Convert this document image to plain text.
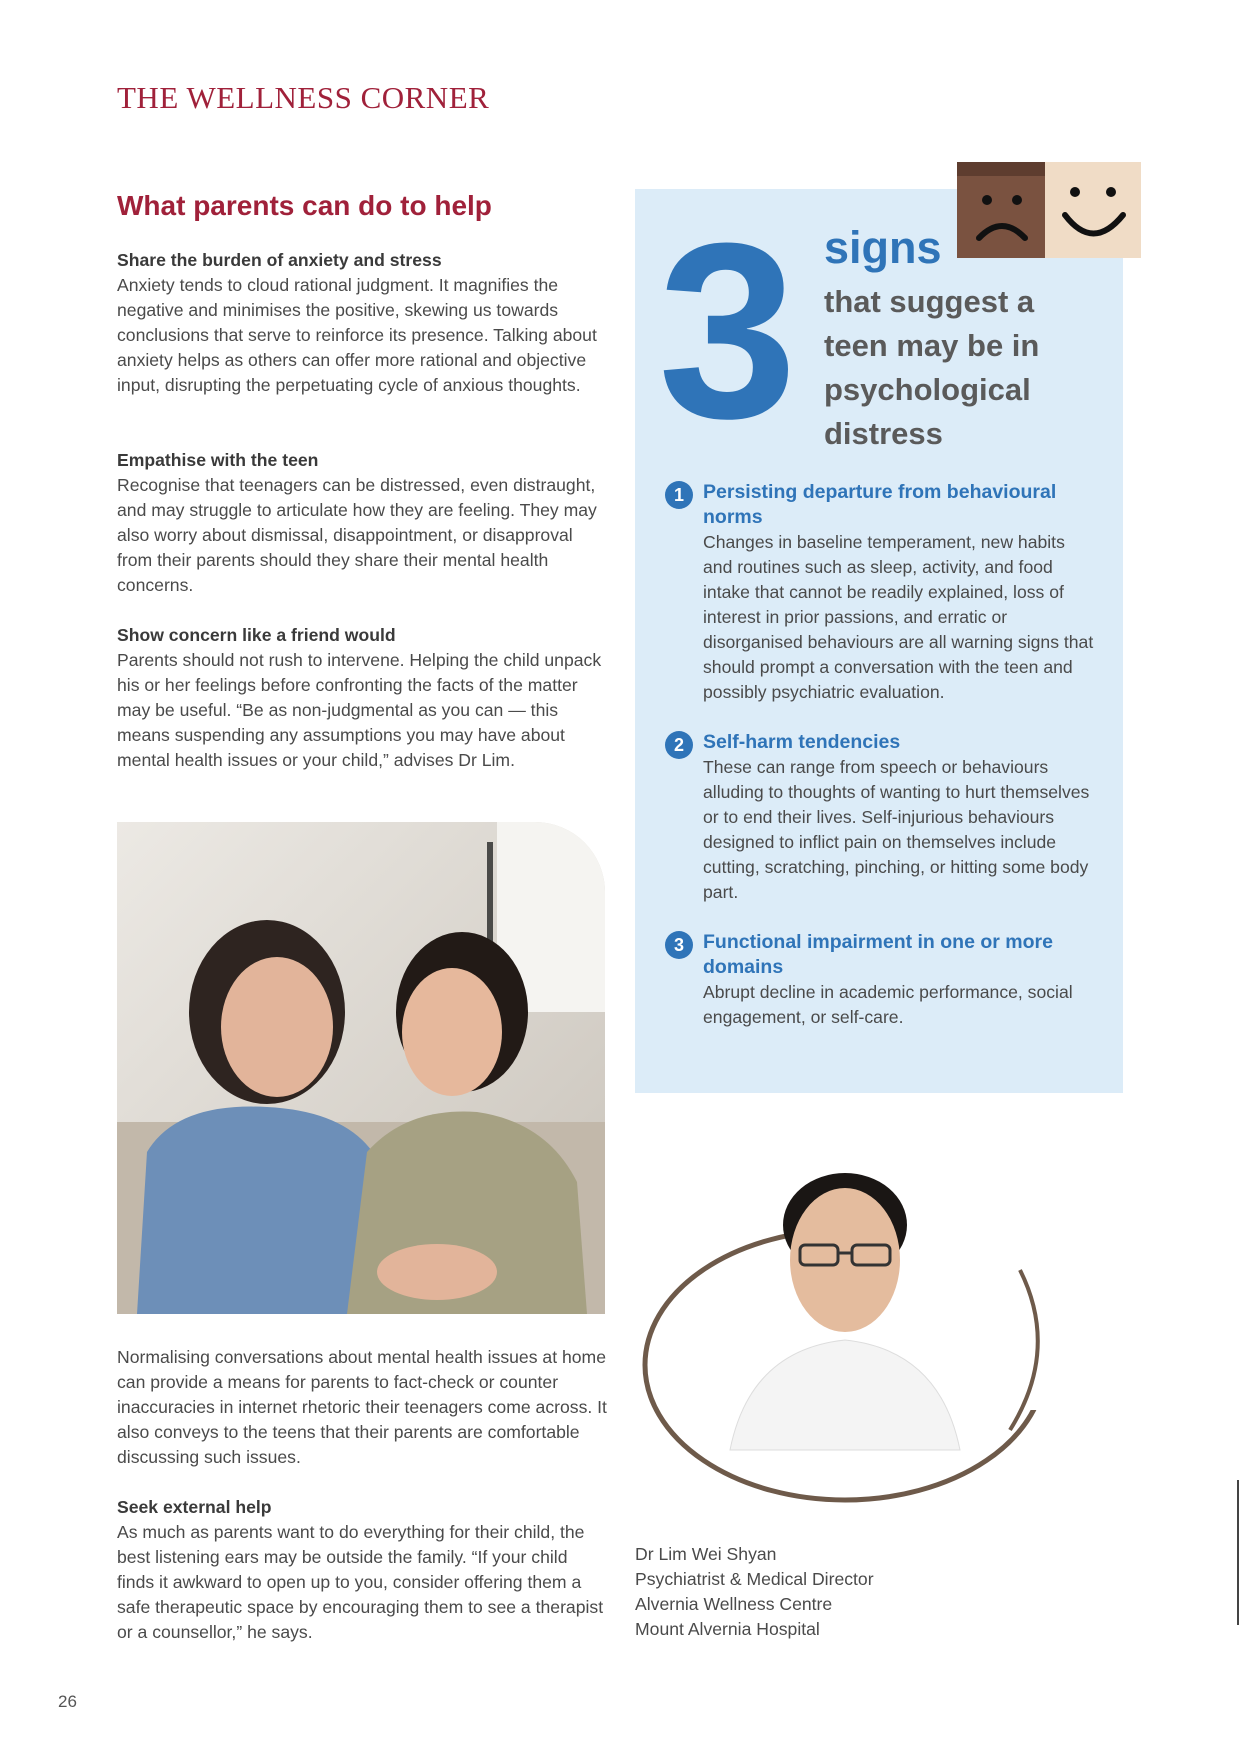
THE WELLNESS CORNER
What parents can do to help
Share the burden of anxiety and stress

Anxiety tends to cloud rational judgment. It magnifies the negative and minimises the positive, skewing us towards conclusions that serve to reinforce its presence. Talking about anxiety helps as others can offer more rational and objective input, disrupting the perpetuating cycle of anxious thoughts.

Empathise with the teen

Recognise that teenagers can be distressed, even distraught, and may struggle to articulate how they are feeling. They may also worry about dismissal, disappointment, or disapproval from their parents should they share their mental health concerns.

Show concern like a friend would

Parents should not rush to intervene. Helping the child unpack his or her feelings before confronting the facts of the matter may be useful. “Be as non-judgmental as you can — this means suspending any assumptions you may have about mental health issues or your child,” advises Dr Lim.

Normalising conversations about mental health issues at home can provide a means for parents to fact-check or counter inaccuracies in internet rhetoric their teenagers come across. It also conveys to the teens that their parents are comfortable discussing such issues.

Seek external help

As much as parents want to do everything for their child, the best listening ears may be outside the family. “If your child finds it awkward to open up to you, consider offering them a safe therapeutic space by encouraging them to see a therapist or a counsellor,” he says.

3 signs
that suggest a teen may be in psychological distress
1 Persisting departure from behavioural norms

Changes in baseline temperament, new habits and routines such as sleep, activity, and food intake that cannot be readily explained, loss of interest in prior passions, and erratic or disorganised behaviours are all warning signs that should prompt a conversation with the teen and possibly psychiatric evaluation.

2 Self-harm tendencies

These can range from speech or behaviours alluding to thoughts of wanting to hurt themselves or to end their lives. Self-injurious behaviours designed to inflict pain on themselves include cutting, scratching, pinching, or hitting some body part.

3 Functional impairment in one or more domains

Abrupt decline in academic performance, social engagement, or self-care.

Dr Lim Wei Shyan
Psychiatrist & Medical Director
Alvernia Wellness Centre
Mount Alvernia Hospital
26
